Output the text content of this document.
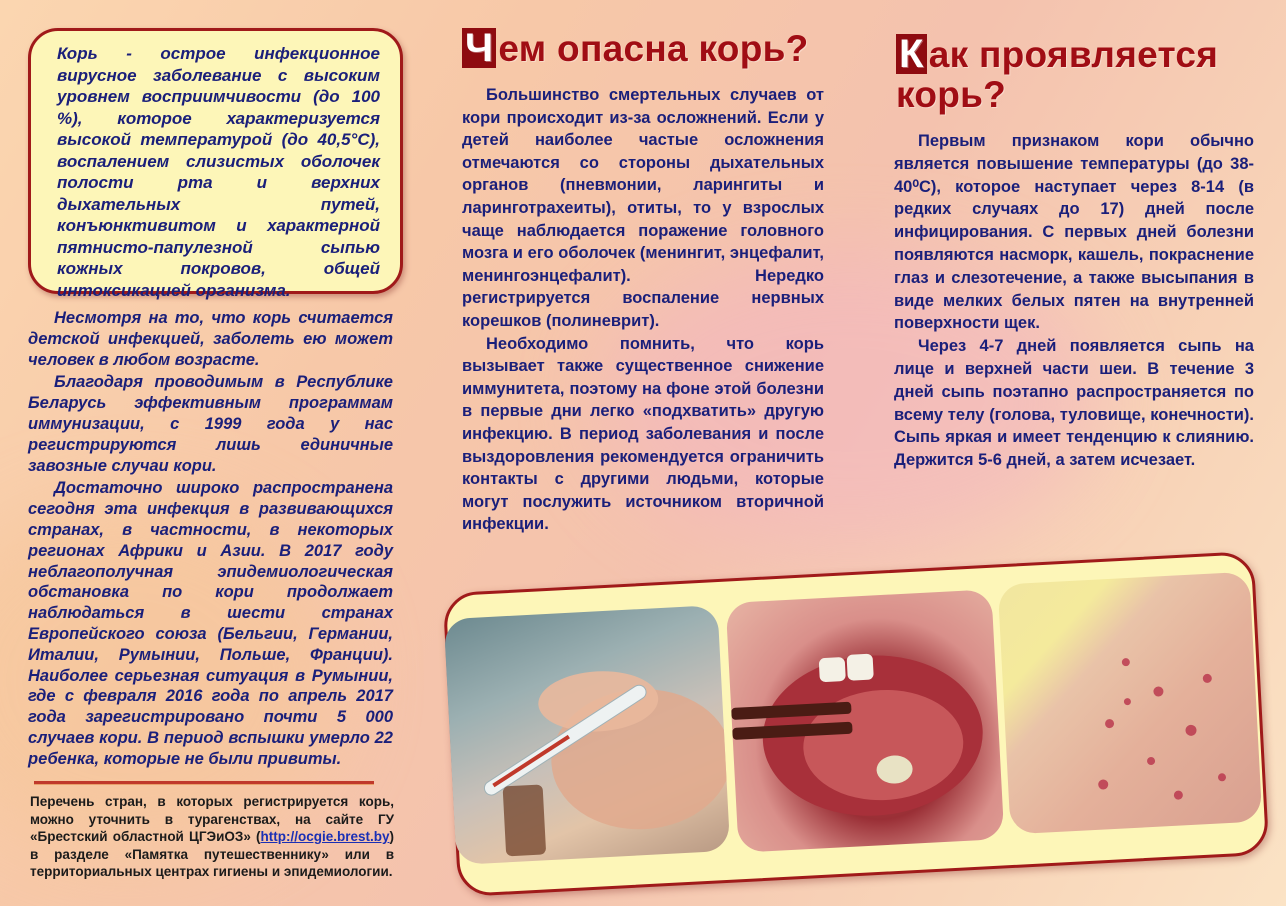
Корь - острое инфекционное вирусное заболевание с высоким уровнем восприимчивости (до 100 %), которое характеризуется высокой температурой (до 40,5°С), воспалением слизистых оболочек полости рта и верхних дыхательных путей, конъюнктивитом и характерной пятнисто-папулезной сыпью кожных покровов, общей интоксикацией организма.

Несмотря на то, что корь считается детской инфекцией, заболеть ею может человек в любом возрасте.

Благодаря проводимым в Республике Беларусь эффективным программам иммунизации, с 1999 года у нас регистрируются лишь единичные завозные случаи кори.

Достаточно широко распространена сегодня эта инфекция в развивающихся странах, в частности, в некоторых регионах Африки и Азии. В 2017 году неблагополучная эпидемиологическая обстановка по кори продолжает наблюдаться в шести странах Европейского союза (Бельгии, Германии, Италии, Румынии, Польше, Франции). Наиболее серьезная ситуация в Румынии, где с февраля 2016 года по апрель 2017 года зарегистрировано почти 5 000 случаев кори. В период вспышки умерло 22 ребенка, которые не были привиты.

Перечень стран, в которых регистрируется корь, можно уточнить в турагенствах, на сайте ГУ «Брестский областной ЦГЭиОЗ» (http://ocgie.brest.by) в разделе «Памятка путешественнику» или в территориальных центрах гигиены и эпидемиологии.
Ч ем опасна корь?

Большинство смертельных случаев от кори происходит из-за осложнений. Если у детей наиболее частые осложнения отмечаются со стороны дыхательных органов (пневмонии, ларингиты и ларинготрахеиты), отиты, то у взрослых чаще наблюдается поражение головного мозга и его оболочек (менингит, энцефалит, менингоэнцефалит). Нередко регистрируется воспаление нервных корешков (полиневрит).

Необходимо помнить, что корь вызывает также существенное снижение иммунитета, поэтому на фоне этой болезни в первые дни легко «подхватить» другую инфекцию. В период заболевания и после выздоровления рекомендуется ограничить контакты с другими людьми, которые могут послужить источником вторичной инфекции.

К ак проявляется
корь?

Первым признаком кори обычно является повышение температуры (до 38-40⁰С), которое наступает через 8-14 (в редких случаях до 17) дней после инфицирования. С первых дней болезни появляются насморк, кашель, покраснение глаз и слезотечение, а также высыпания в виде мелких белых пятен на внутренней поверхности щек.

Через 4-7 дней появляется сыпь на лице и верхней части шеи. В течение 3 дней сыпь поэтапно распространяется по всему телу (голова, туловище, конечности). Сыпь яркая и имеет тенденцию к слиянию. Держится 5-6 дней, а затем исчезает.
